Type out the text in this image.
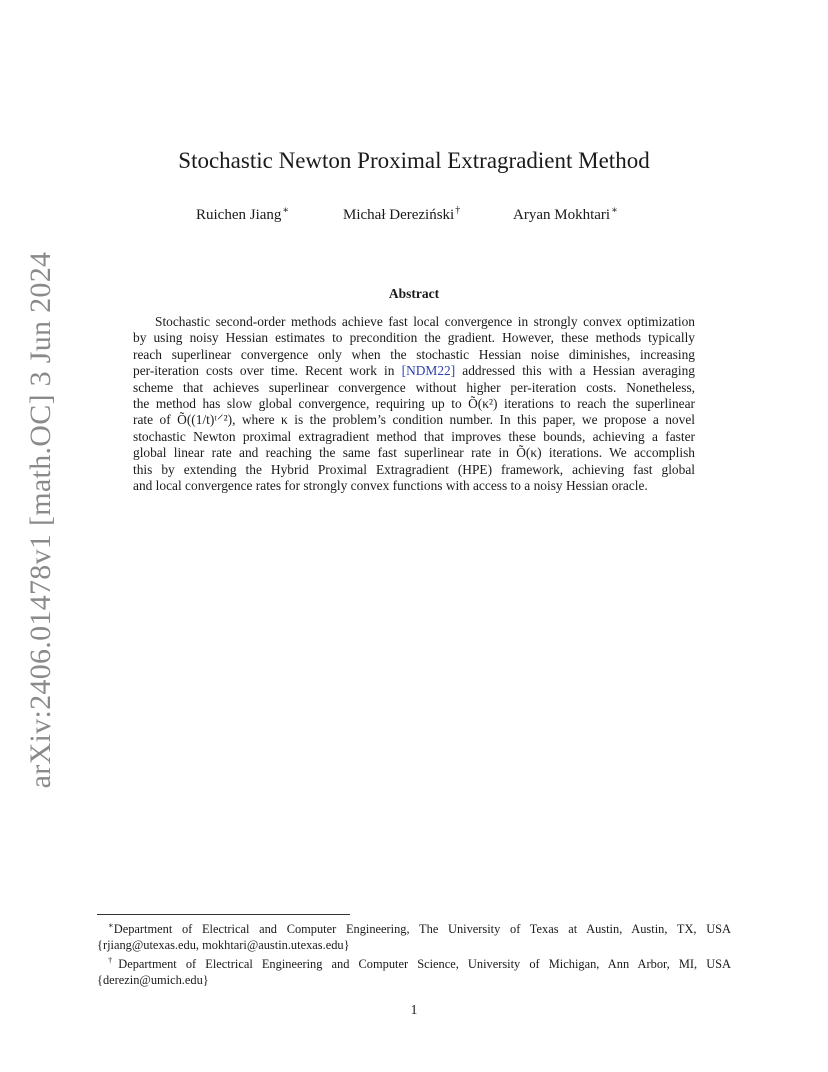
arXiv:2406.01478v1 [math.OC] 3 Jun 2024
Stochastic Newton Proximal Extragradient Method
Ruichen Jiang∗	Michał Dereziński†	Aryan Mokhtari∗
Abstract
Stochastic second-order methods achieve fast local convergence in strongly convex optimization
by using noisy Hessian estimates to precondition the gradient. However, these methods typically
reach superlinear convergence only when the stochastic Hessian noise diminishes, increasing
per-iteration costs over time. Recent work in [NDM22] addressed this with a Hessian averaging
scheme that achieves superlinear convergence without higher per-iteration costs. Nonetheless,
the method has slow global convergence, requiring up to Õ(κ²) iterations to reach the superlinear
rate of Õ((1/t)ᵗ⸍²), where κ is the problem’s condition number. In this paper, we propose a novel
stochastic Newton proximal extragradient method that improves these bounds, achieving a faster
global linear rate and reaching the same fast superlinear rate in Õ(κ) iterations. We accomplish
this by extending the Hybrid Proximal Extragradient (HPE) framework, achieving fast global
and local convergence rates for strongly convex functions with access to a noisy Hessian oracle.
∗Department of Electrical and Computer Engineering, The University of Texas at Austin, Austin, TX, USA
{rjiang@utexas.edu, mokhtari@austin.utexas.edu}
†Department of Electrical Engineering and Computer Science, University of Michigan, Ann Arbor, MI, USA
{derezin@umich.edu}
1
